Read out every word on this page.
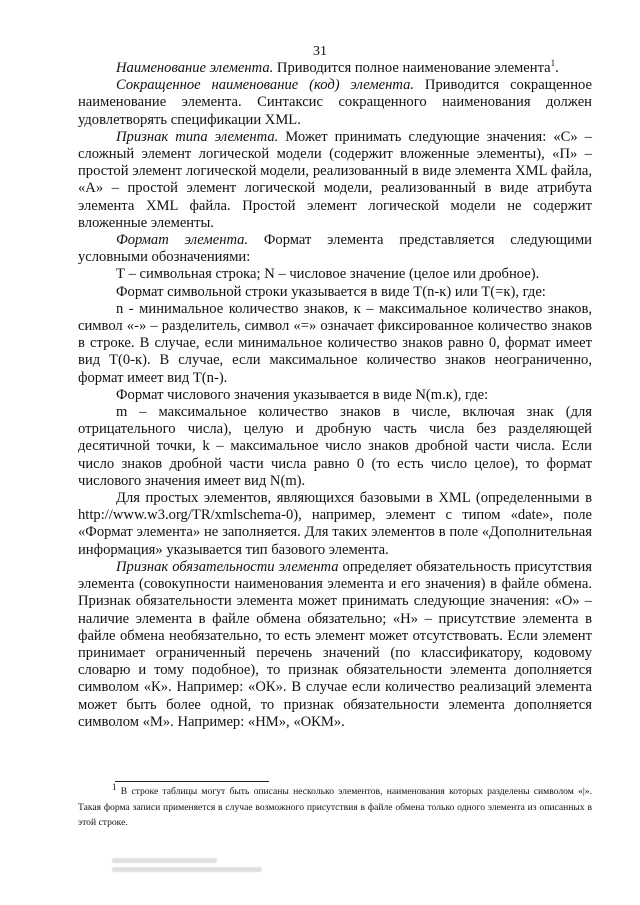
31

Наименование элемента. Приводится полное наименование элемента$^1$.

Сокращенное наименование (код) элемента. Приводится сокращенное наименование элемента. Синтаксис сокращенного наименования должен удовлетворять спецификации XML.

Признак типа элемента. Может принимать следующие значения: «С» – сложный элемент логической модели (содержит вложенные элементы), «П» – простой элемент логической модели, реализованный в виде элемента XML файла, «А» – простой элемент логической модели, реализованный в виде атрибута элемента XML файла. Простой элемент логической модели не содержит вложенные элементы.

Формат элемента. Формат элемента представляется следующими условными обозначениями:

Т – символьная строка; N – числовое значение (целое или дробное).

Формат символьной строки указывается в виде Т(n-к) или Т(=к), где:

n - минимальное количество знаков, к – максимальное количество знаков, символ «-» – разделитель, символ «=» означает фиксированное количество знаков в строке. В случае, если минимальное количество знаков равно 0, формат имеет вид Т(0-к). В случае, если максимальное количество знаков неограниченно, формат имеет вид Т(n-).

Формат числового значения указывается в виде N(m.к), где:

m – максимальное количество знаков в числе, включая знак (для отрицательного числа), целую и дробную часть числа без разделяющей десятичной точки, k – максимальное число знаков дробной части числа. Если число знаков дробной части числа равно 0 (то есть число целое), то формат числового значения имеет вид N(m).

Для простых элементов, являющихся базовыми в XML (определенными в http://www.w3.org/TR/xmlschema-0), например, элемент с типом «date», поле «Формат элемента» не заполняется. Для таких элементов в поле «Дополнительная информация» указывается тип базового элемента.

Признак обязательности элемента определяет обязательность присутствия элемента (совокупности наименования элемента и его значения) в файле обмена. Признак обязательности элемента может принимать следующие значения: «О» – наличие элемента в файле обмена обязательно; «Н» – присутствие элемента в файле обмена необязательно, то есть элемент может отсутствовать. Если элемент принимает ограниченный перечень значений (по классификатору, кодовому словарю и тому подобное), то признак обязательности элемента дополняется символом «К». Например: «ОК». В случае если количество реализаций элемента может быть более одной, то признак обязательности элемента дополняется символом «М». Например: «НМ», «ОКМ».

$^1$ В строке таблицы могут быть описаны несколько элементов, наименования которых разделены символом «|». Такая форма записи применяется в случае возможного присутствия в файле обмена только одного элемента из описанных в этой строке.
